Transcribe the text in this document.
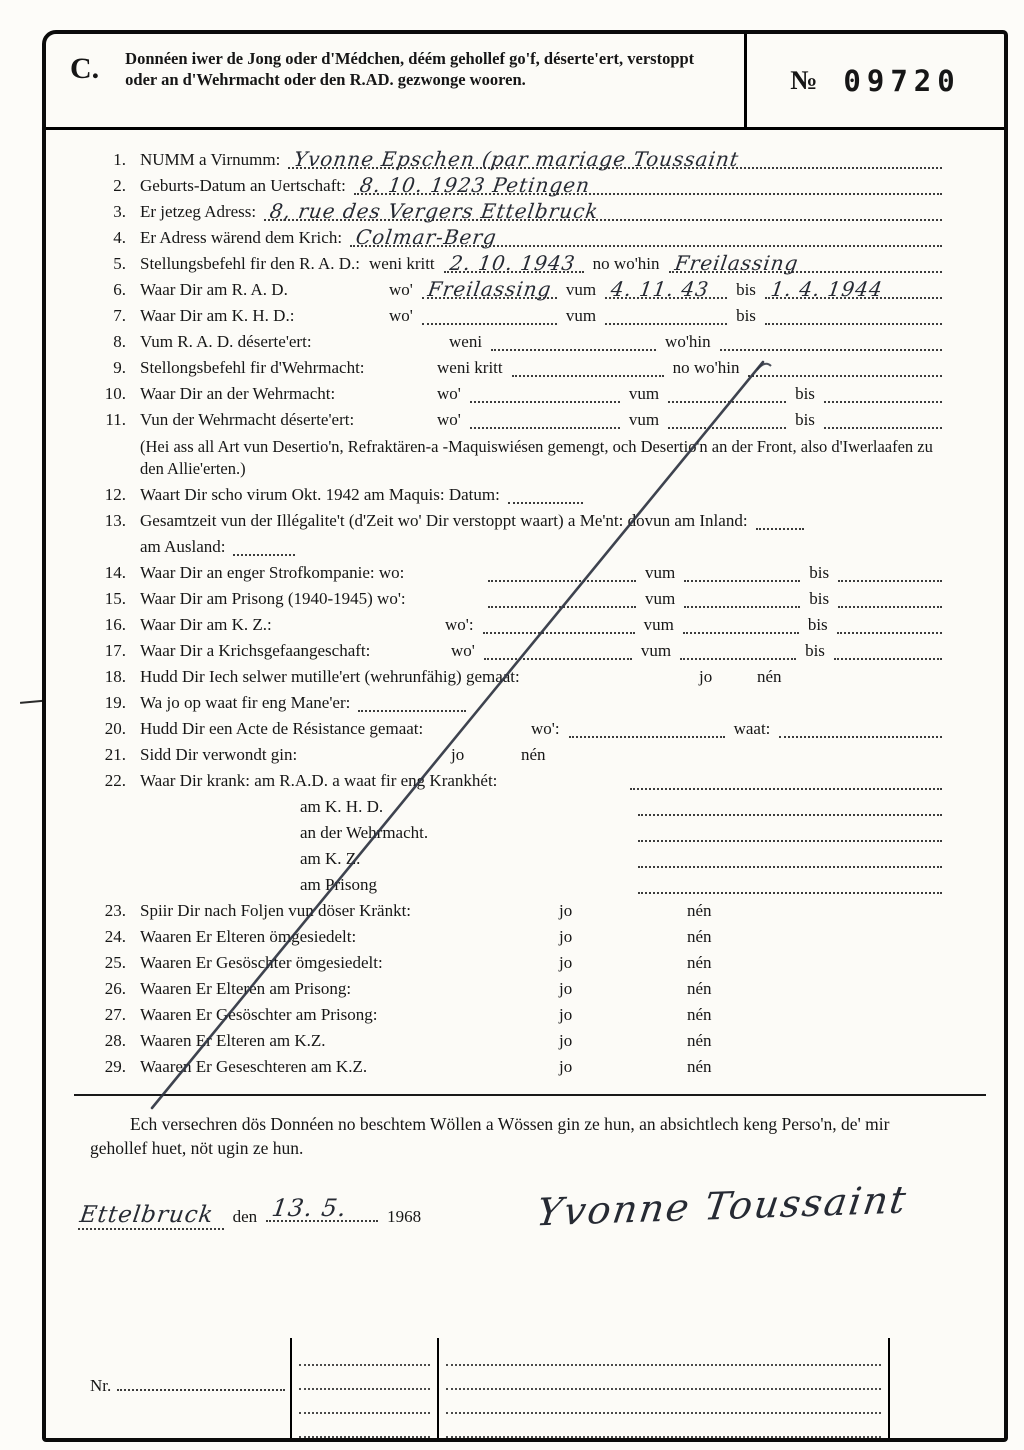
C.	Donnéen iwer de Jong oder d'Médchen, déém gehollef go'f, déserte'ert, verstoppt oder an d'Wehrmacht oder den R.AD. gezwonge wooren.	№ 09720
1. NUMM a Virnumm: Yvonne Epschen (par mariage Toussaint
2. Geburts-Datum an Uertschaft: 8. 10. 1923 Petingen
3. Er jetzeg Adress: 8, rue des Vergers Ettelbruck
4. Er Adress wärend dem Krich: Colmar-Berg
5. Stellungsbefehl fir den R. A. D.: weni kritt 2. 10. 1943 no wo'hin Freilassing
6. Waar Dir am R. A. D.	wo' Freilassing vum 4. 11. 43 bis 1. 4. 1944
7. Waar Dir am K. H. D.:	wo'	vum	bis
8. Vum R. A. D. déserte'ert:	weni	wo'hin
9. Stellongsbefehl fir d'Wehrmacht:	weni kritt	no wo'hin
10. Waar Dir an der Wehrmacht:	wo'	vum	bis
11. Vun der Wehrmacht déserte'ert:	wo'	vum	bis
(Hei ass all Art vun Desertio'n, Refraktären-a -Maquiswiésen gemengt, och Desertio'n an der Front, also d'Iwerlaafen zu den Allie'erten.)
12. Waart Dir scho virum Okt. 1942 am Maquis: Datum:
13. Gesamtzeit vun der Illégalite't (d'Zeit wo' Dir verstoppt waart) a Me'nt: dovun am Inland:
am Ausland:
14. Waar Dir an enger Strofkompanie: wo:	vum	bis
15. Waar Dir am Prisong (1940-1945) wo':	vum	bis
16. Waar Dir am K. Z.:	wo':	vum	bis
17. Waar Dir a Krichsgefaangeschaft:	wo'	vum	bis
18. Hudd Dir Iech selwer mutille'ert (wehrunfähig) gemaat:	jo	nén
19. Wa jo op waat fir eng Mane'er:
20. Hudd Dir een Acte de Résistance gemaat:	wo':	waat:
21. Sidd Dir verwondt gin:	jo	nén
22. Waar Dir krank: am R.A.D. a waat fir eng Krankhét:
am K. H. D.
an der Wehrmacht.
am K. Z.
am Prisong
23. Spiir Dir nach Foljen vun döser Kränkt:	jo	nén
24. Waaren Er Elteren ömgesiedelt:	jo	nén
25. Waaren Er Gesöschter ömgesiedelt:	jo	nén
26. Waaren Er Elteren am Prisong:	jo	nén
27. Waaren Er Gesöschter am Prisong:	jo	nén
28. Waaren Er Elteren am K.Z.	jo	nén
29. Waaren Er Geseschteren am K.Z.	jo	nén

Ech versechren dös Donnéen no beschtem Wöllen a Wössen gin ze hun, an absichtlech keng Perso'n, de' mir gehollef huet, nöt ugin ze hun.

Ettelbruck	den 13. 5. 1968	Yvonne Toussaint
Nr.
